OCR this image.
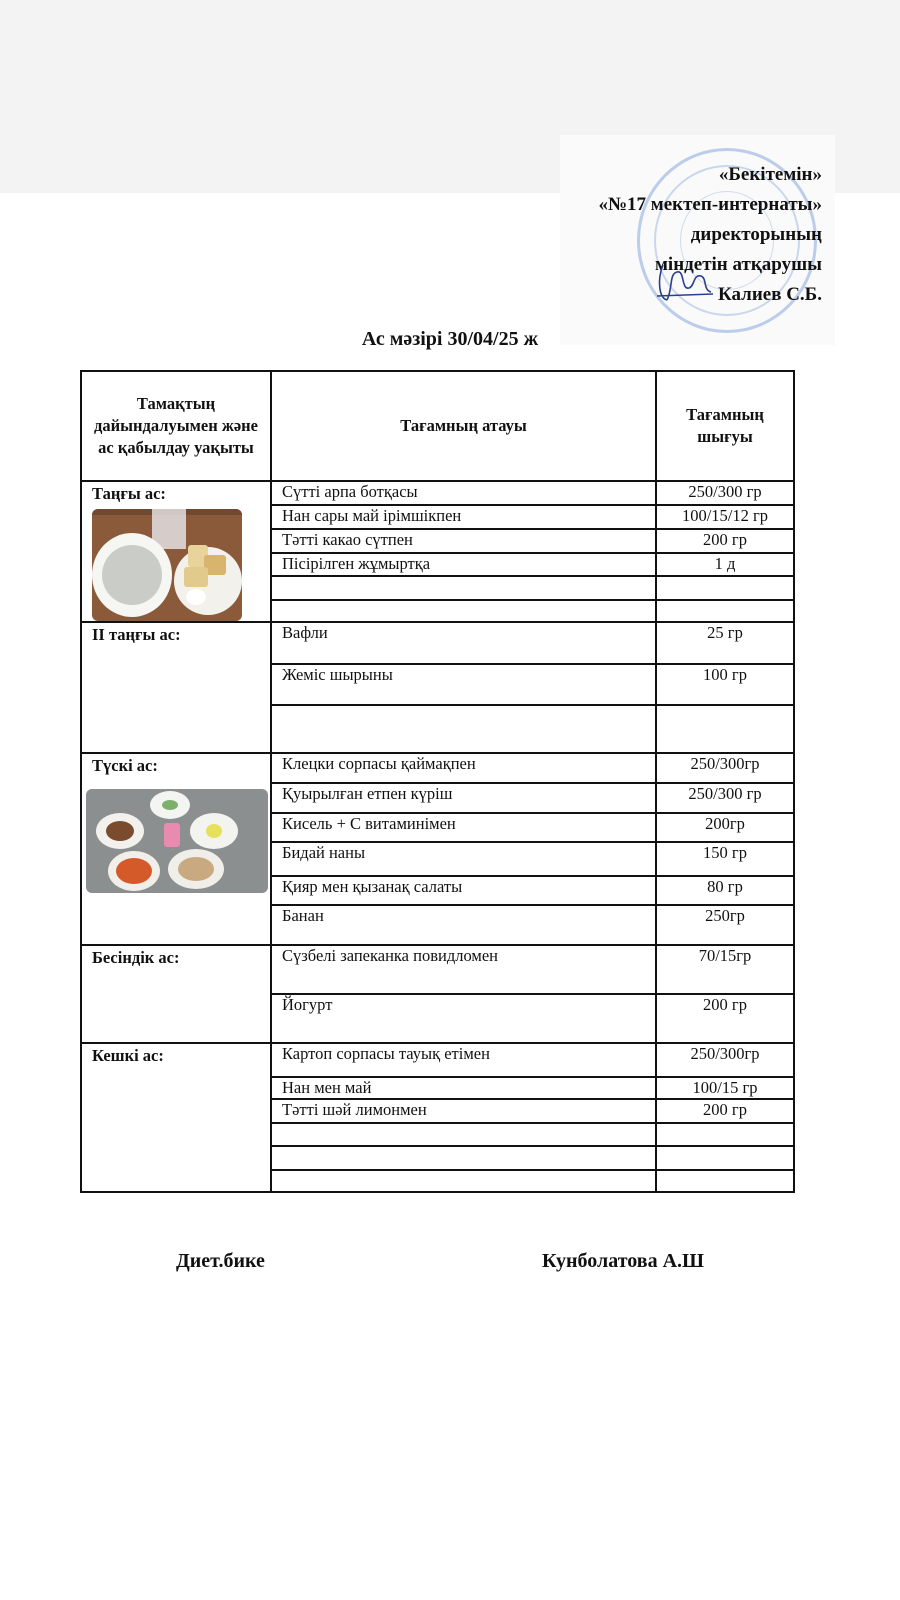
«Бекітемін»
«№17 мектеп-интернаты»
директорының
міндетін атқарушы
Калиев С.Б.
Ас мәзірі 30/04/25 ж
Тамақтың дайындалуымен және ас қабылдау уақыты	Тағамның атауы	Тағамның шығуы
Таңғы ас:	Сүтті арпа ботқасы	250/300 гр
	Нан сары май ірімшікпен	100/15/12 гр
	Тәтті какао сүтпен	200 гр
	Пісірілген жұмыртқа	1 д

ІІ таңғы ас:	Вафли	25 гр
	Жеміс шырыны	100 гр

Түскі ас:	Клецки сорпасы қаймақпен	250/300гр
	Қуырылған етпен күріш	250/300 гр
	Кисель + С витаминімен	200гр
	Бидай наны	150 гр
	Қияр мен қызанақ салаты	80 гр
	Банан	250гр
Бесіндік ас:	Сүзбелі запеканка повидломен	70/15гр
	Йогурт	200 гр
Кешкі ас:	Картоп сорпасы тауық етімен	250/300гр
	Нан мен май	100/15 гр
	Тәтті шәй лимонмен	200 гр

Диет.бике	Кунболатова А.Ш
